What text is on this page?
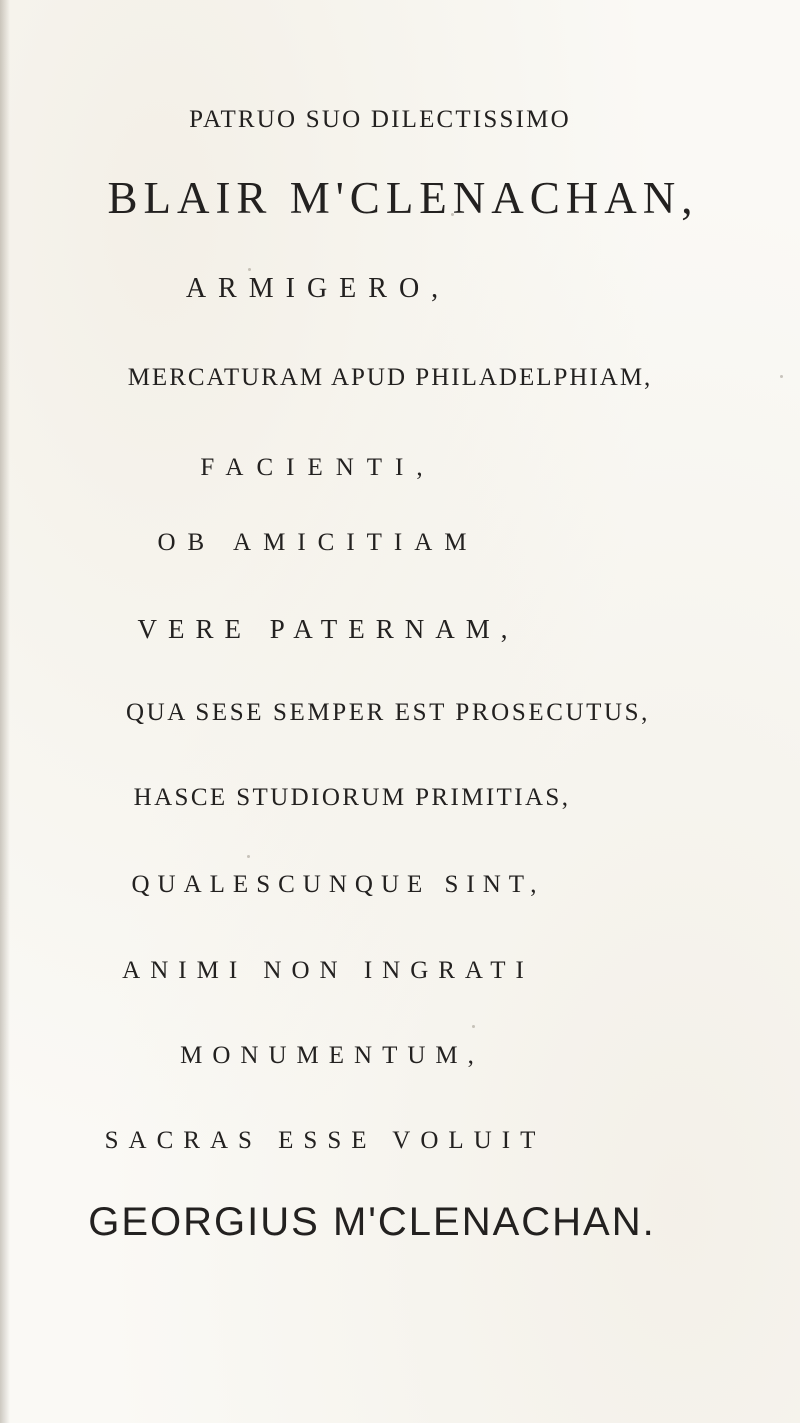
PATRUO SUO DILECTISSIMO
BLAIR M'CLENACHAN,
ARMIGERO,
MERCATURAM APUD PHILADELPHIAM,
FACIENTI,
OB AMICITIAM
VERE PATERNAM,
QUA SESE SEMPER EST PROSECUTUS,
HASCE STUDIORUM PRIMITIAS,
QUALESCUNQUE SINT,
ANIMI NON INGRATI
MONUMENTUM,
SACRAS ESSE VOLUIT
GEORGIUS M'CLENACHAN.
